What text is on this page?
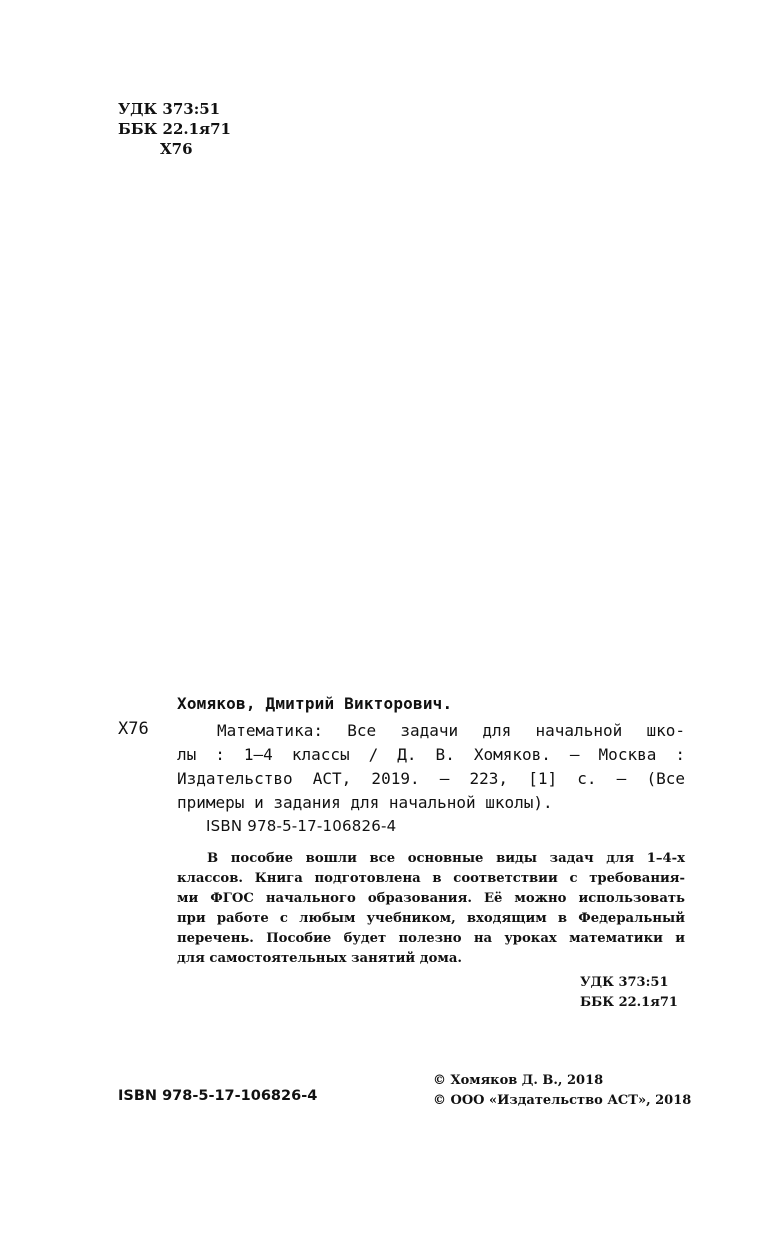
УДК 373:51
ББК 22.1я71
Х76
Хомяков, Дмитрий Викторович.
Х76	Математика: Все задачи для начальной шко-
лы : 1–4 классы / Д. В. Хомяков. — Москва :
Издательство АСТ, 2019. — 223, [1] с. — (Все
примеры и задания для начальной школы).
ISBN 978-5-17-106826-4
В пособие вошли все основные виды задач для 1–4-х
классов. Книга подготовлена в соответствии с требования-
ми ФГОС начального образования. Её можно использовать
при работе с любым учебником, входящим в Федеральный
перечень. Пособие будет полезно на уроках математики и
для самостоятельных занятий дома.
УДК 373:51
ББК 22.1я71
ISBN 978-5-17-106826-4
© Хомяков Д. В., 2018
© ООО «Издательство АСТ», 2018
